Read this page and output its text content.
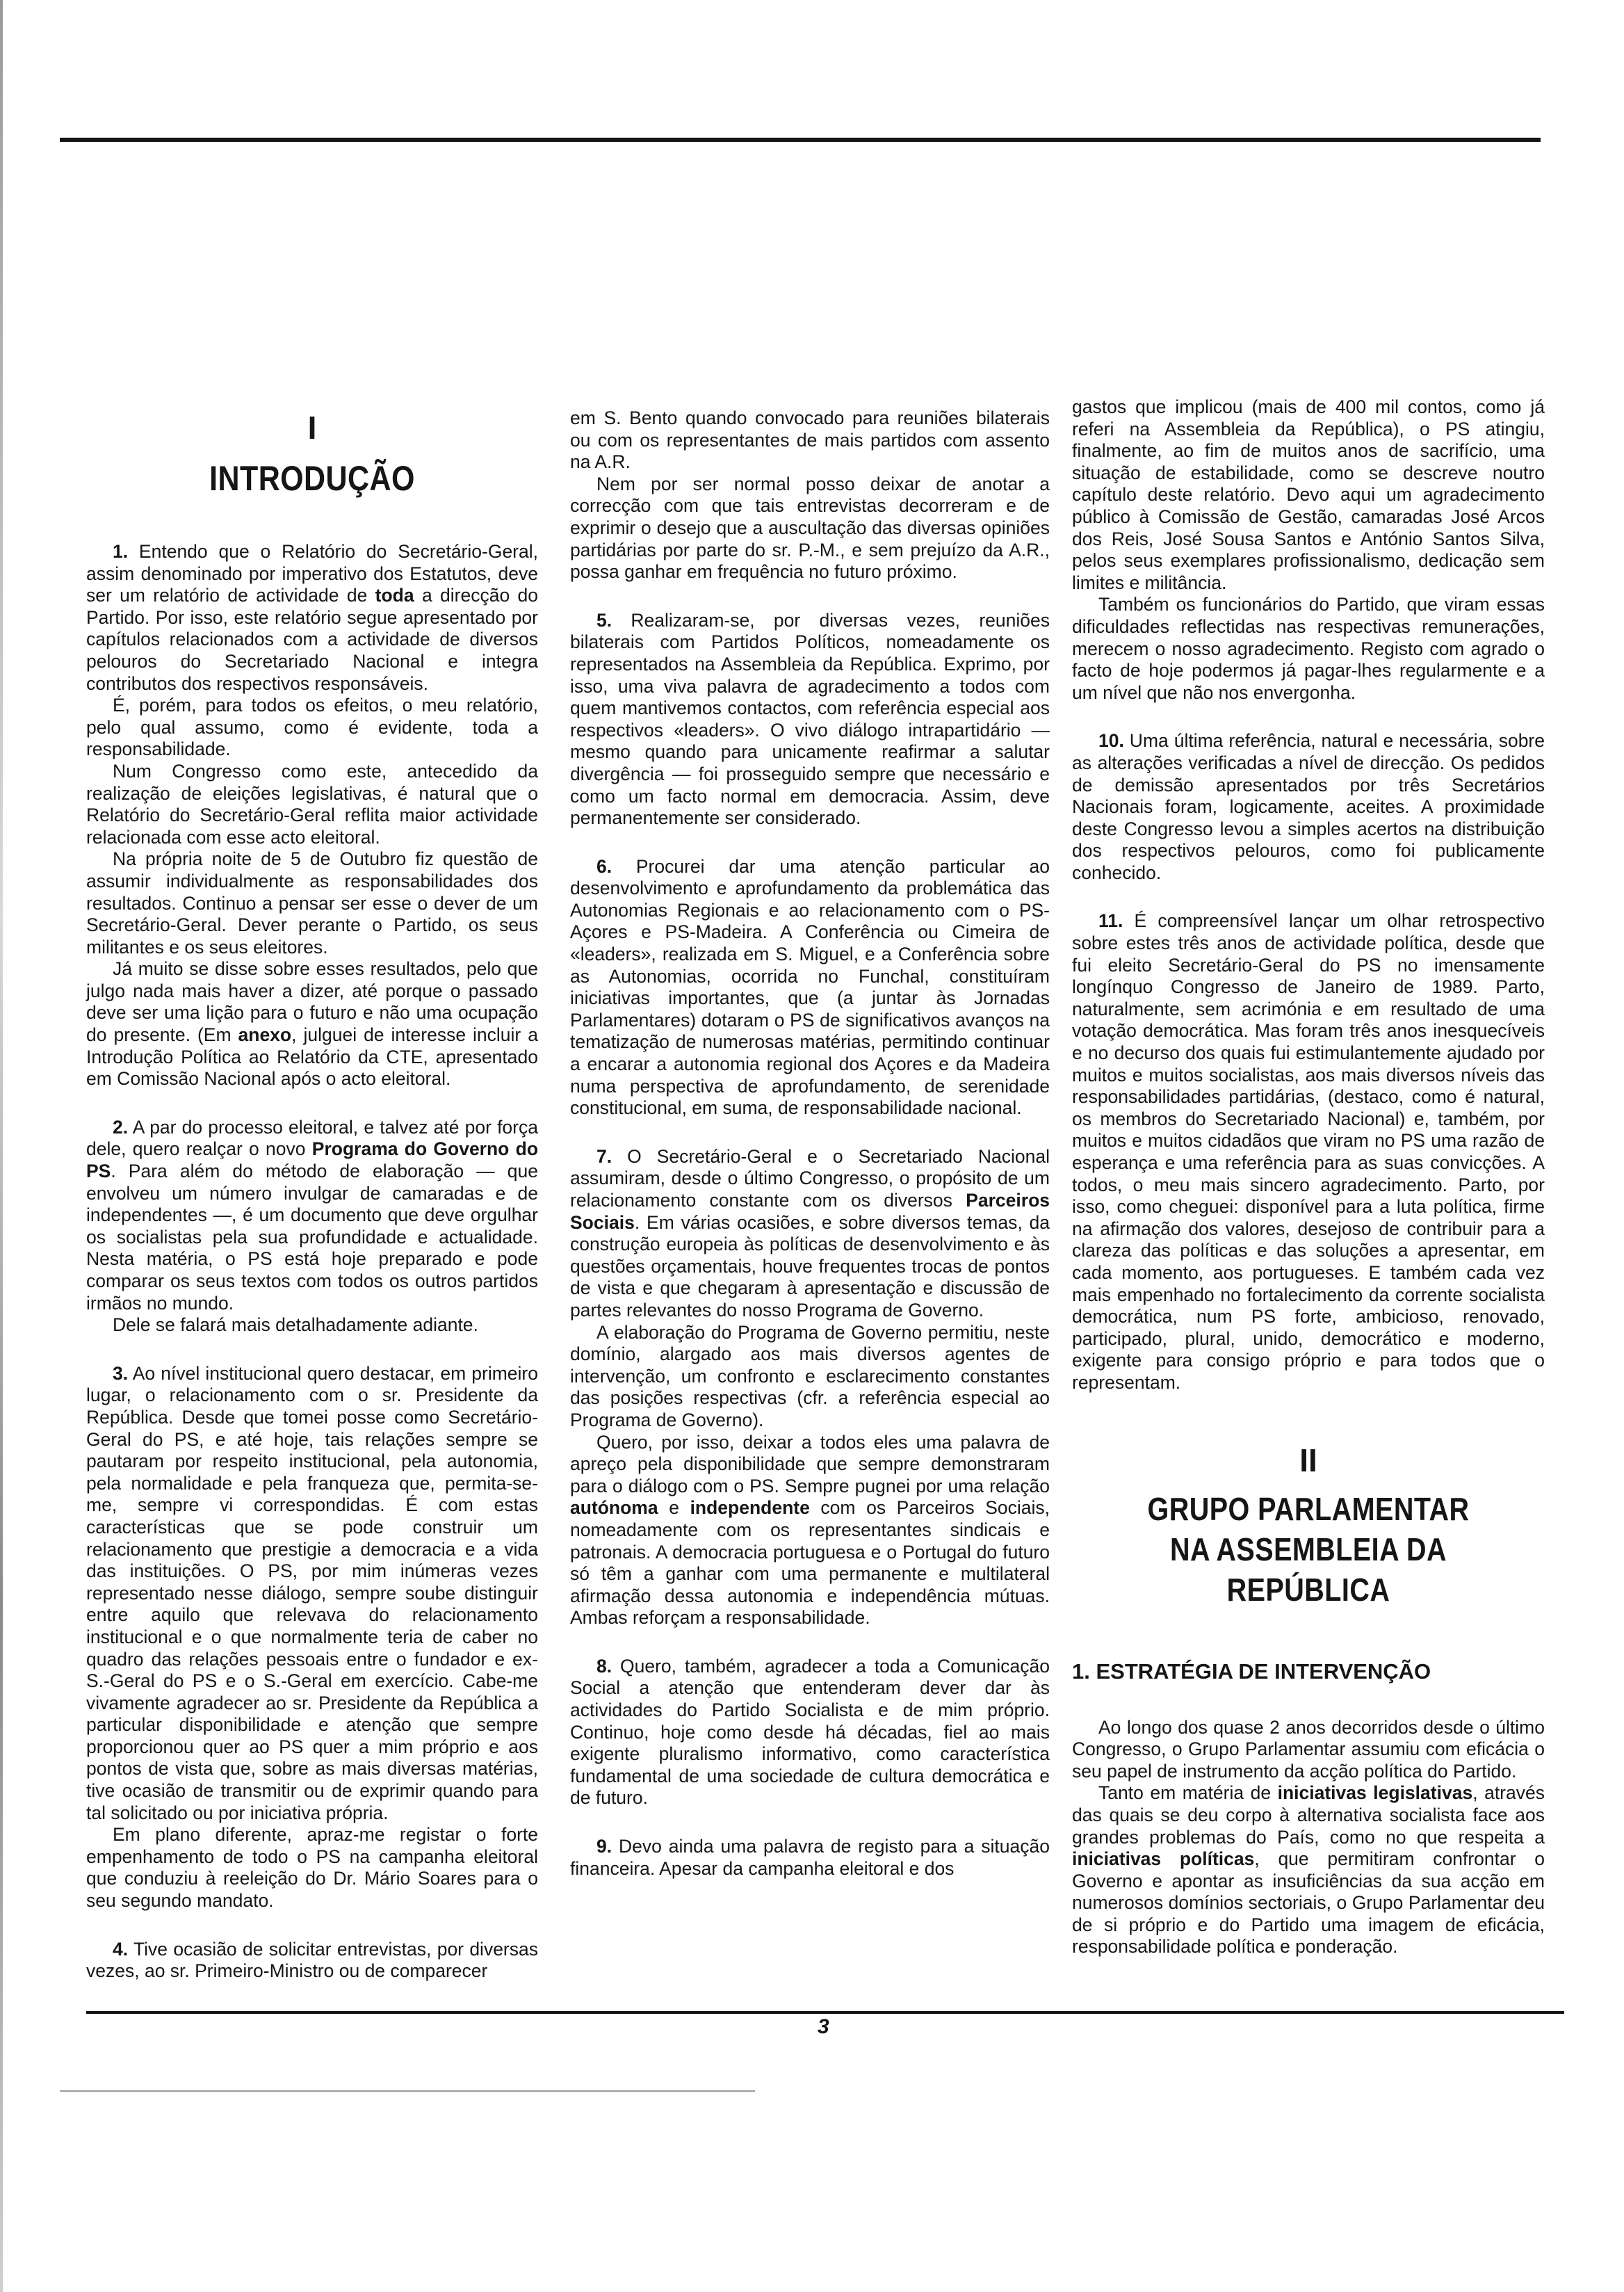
I
INTRODUÇÃO

1. Entendo que o Relatório do Secretário-Geral, assim denominado por imperativo dos Estatutos, deve ser um relatório de actividade de toda a direcção do Partido. Por isso, este relatório segue apresentado por capítulos relacionados com a actividade de diversos pelouros do Secretariado Nacional e integra contributos dos respectivos responsáveis.

É, porém, para todos os efeitos, o meu relatório, pelo qual assumo, como é evidente, toda a responsabilidade.

Num Congresso como este, antecedido da realização de eleições legislativas, é natural que o Relatório do Secretário-Geral reflita maior actividade relacionada com esse acto eleitoral.

Na própria noite de 5 de Outubro fiz questão de assumir individualmente as responsabilidades dos resultados. Continuo a pensar ser esse o dever de um Secretário-Geral. Dever perante o Partido, os seus militantes e os seus eleitores.

Já muito se disse sobre esses resultados, pelo que julgo nada mais haver a dizer, até porque o passado deve ser uma lição para o futuro e não uma ocupação do presente. (Em anexo, julguei de interesse incluir a Introdução Política ao Relatório da CTE, apresentado em Comissão Nacional após o acto eleitoral.

2. A par do processo eleitoral, e talvez até por força dele, quero realçar o novo Programa do Governo do PS. Para além do método de elaboração — que envolveu um número invulgar de camaradas e de independentes —, é um documento que deve orgulhar os socialistas pela sua profundidade e actualidade. Nesta matéria, o PS está hoje preparado e pode comparar os seus textos com todos os outros partidos irmãos no mundo.

Dele se falará mais detalhadamente adiante.

3. Ao nível institucional quero destacar, em primeiro lugar, o relacionamento com o sr. Presidente da República. Desde que tomei posse como Secretário-Geral do PS, e até hoje, tais relações sempre se pautaram por respeito institucional, pela autonomia, pela normalidade e pela franqueza que, permita-se-me, sempre vi correspondidas. É com estas características que se pode construir um relacionamento que prestigie a democracia e a vida das instituições. O PS, por mim inúmeras vezes representado nesse diálogo, sempre soube distinguir entre aquilo que relevava do relacionamento institucional e o que normalmente teria de caber no quadro das relações pessoais entre o fundador e ex-S.-Geral do PS e o S.-Geral em exercício. Cabe-me vivamente agradecer ao sr. Presidente da República a particular disponibilidade e atenção que sempre proporcionou quer ao PS quer a mim próprio e aos pontos de vista que, sobre as mais diversas matérias, tive ocasião de transmitir ou de exprimir quando para tal solicitado ou por iniciativa própria.

Em plano diferente, apraz-me registar o forte empenhamento de todo o PS na campanha eleitoral que conduziu à reeleição do Dr. Mário Soares para o seu segundo mandato.

4. Tive ocasião de solicitar entrevistas, por diversas vezes, ao sr. Primeiro-Ministro ou de comparecer

em S. Bento quando convocado para reuniões bilaterais ou com os representantes de mais partidos com assento na A.R.

Nem por ser normal posso deixar de anotar a correcção com que tais entrevistas decorreram e de exprimir o desejo que a auscultação das diversas opiniões partidárias por parte do sr. P.-M., e sem prejuízo da A.R., possa ganhar em frequência no futuro próximo.

5. Realizaram-se, por diversas vezes, reuniões bilaterais com Partidos Políticos, nomeadamente os representados na Assembleia da República. Exprimo, por isso, uma viva palavra de agradecimento a todos com quem mantivemos contactos, com referência especial aos respectivos «leaders». O vivo diálogo intrapartidário — mesmo quando para unicamente reafirmar a salutar divergência — foi prosseguido sempre que necessário e como um facto normal em democracia. Assim, deve permanentemente ser considerado.

6. Procurei dar uma atenção particular ao desenvolvimento e aprofundamento da problemática das Autonomias Regionais e ao relacionamento com o PS-Açores e PS-Madeira. A Conferência ou Cimeira de «leaders», realizada em S. Miguel, e a Conferência sobre as Autonomias, ocorrida no Funchal, constituíram iniciativas importantes, que (a juntar às Jornadas Parlamentares) dotaram o PS de significativos avanços na tematização de numerosas matérias, permitindo continuar a encarar a autonomia regional dos Açores e da Madeira numa perspectiva de aprofundamento, de serenidade constitucional, em suma, de responsabilidade nacional.

7. O Secretário-Geral e o Secretariado Nacional assumiram, desde o último Congresso, o propósito de um relacionamento constante com os diversos Parceiros Sociais. Em várias ocasiões, e sobre diversos temas, da construção europeia às políticas de desenvolvimento e às questões orçamentais, houve frequentes trocas de pontos de vista e que chegaram à apresentação e discussão de partes relevantes do nosso Programa de Governo.

A elaboração do Programa de Governo permitiu, neste domínio, alargado aos mais diversos agentes de intervenção, um confronto e esclarecimento constantes das posições respectivas (cfr. a referência especial ao Programa de Governo).

Quero, por isso, deixar a todos eles uma palavra de apreço pela disponibilidade que sempre demonstraram para o diálogo com o PS. Sempre pugnei por uma relação autónoma e independente com os Parceiros Sociais, nomeadamente com os representantes sindicais e patronais. A democracia portuguesa e o Portugal do futuro só têm a ganhar com uma permanente e multilateral afirmação dessa autonomia e independência mútuas. Ambas reforçam a responsabilidade.

8. Quero, também, agradecer a toda a Comunicação Social a atenção que entenderam dever dar às actividades do Partido Socialista e de mim próprio. Continuo, hoje como desde há décadas, fiel ao mais exigente pluralismo informativo, como característica fundamental de uma sociedade de cultura democrática e de futuro.

9. Devo ainda uma palavra de registo para a situação financeira. Apesar da campanha eleitoral e dos

gastos que implicou (mais de 400 mil contos, como já referi na Assembleia da República), o PS atingiu, finalmente, ao fim de muitos anos de sacrifício, uma situação de estabilidade, como se descreve noutro capítulo deste relatório. Devo aqui um agradecimento público à Comissão de Gestão, camaradas José Arcos dos Reis, José Sousa Santos e António Santos Silva, pelos seus exemplares profissionalismo, dedicação sem limites e militância.

Também os funcionários do Partido, que viram essas dificuldades reflectidas nas respectivas remunerações, merecem o nosso agradecimento. Registo com agrado o facto de hoje podermos já pagar-lhes regularmente e a um nível que não nos envergonha.

10. Uma última referência, natural e necessária, sobre as alterações verificadas a nível de direcção. Os pedidos de demissão apresentados por três Secretários Nacionais foram, logicamente, aceites. A proximidade deste Congresso levou a simples acertos na distribuição dos respectivos pelouros, como foi publicamente conhecido.

11. É compreensível lançar um olhar retrospectivo sobre estes três anos de actividade política, desde que fui eleito Secretário-Geral do PS no imensamente longínquo Congresso de Janeiro de 1989. Parto, naturalmente, sem acrimónia e em resultado de uma votação democrática. Mas foram três anos inesquecíveis e no decurso dos quais fui estimulantemente ajudado por muitos e muitos socialistas, aos mais diversos níveis das responsabilidades partidárias, (destaco, como é natural, os membros do Secretariado Nacional) e, também, por muitos e muitos cidadãos que viram no PS uma razão de esperança e uma referência para as suas convicções. A todos, o meu mais sincero agradecimento. Parto, por isso, como cheguei: disponível para a luta política, firme na afirmação dos valores, desejoso de contribuir para a clareza das políticas e das soluções a apresentar, em cada momento, aos portugueses. E também cada vez mais empenhado no fortalecimento da corrente socialista democrática, num PS forte, ambicioso, renovado, participado, plural, unido, democrático e moderno, exigente para consigo próprio e para todos que o representam.

II
GRUPO PARLAMENTAR
NA ASSEMBLEIA DA REPÚBLICA

1. ESTRATÉGIA DE INTERVENÇÃO

Ao longo dos quase 2 anos decorridos desde o último Congresso, o Grupo Parlamentar assumiu com eficácia o seu papel de instrumento da acção política do Partido.

Tanto em matéria de iniciativas legislativas, através das quais se deu corpo à alternativa socialista face aos grandes problemas do País, como no que respeita a iniciativas políticas, que permitiram confrontar o Governo e apontar as insuficiências da sua acção em numerosos domínios sectoriais, o Grupo Parlamentar deu de si próprio e do Partido uma imagem de eficácia, responsabilidade política e ponderação.

3
